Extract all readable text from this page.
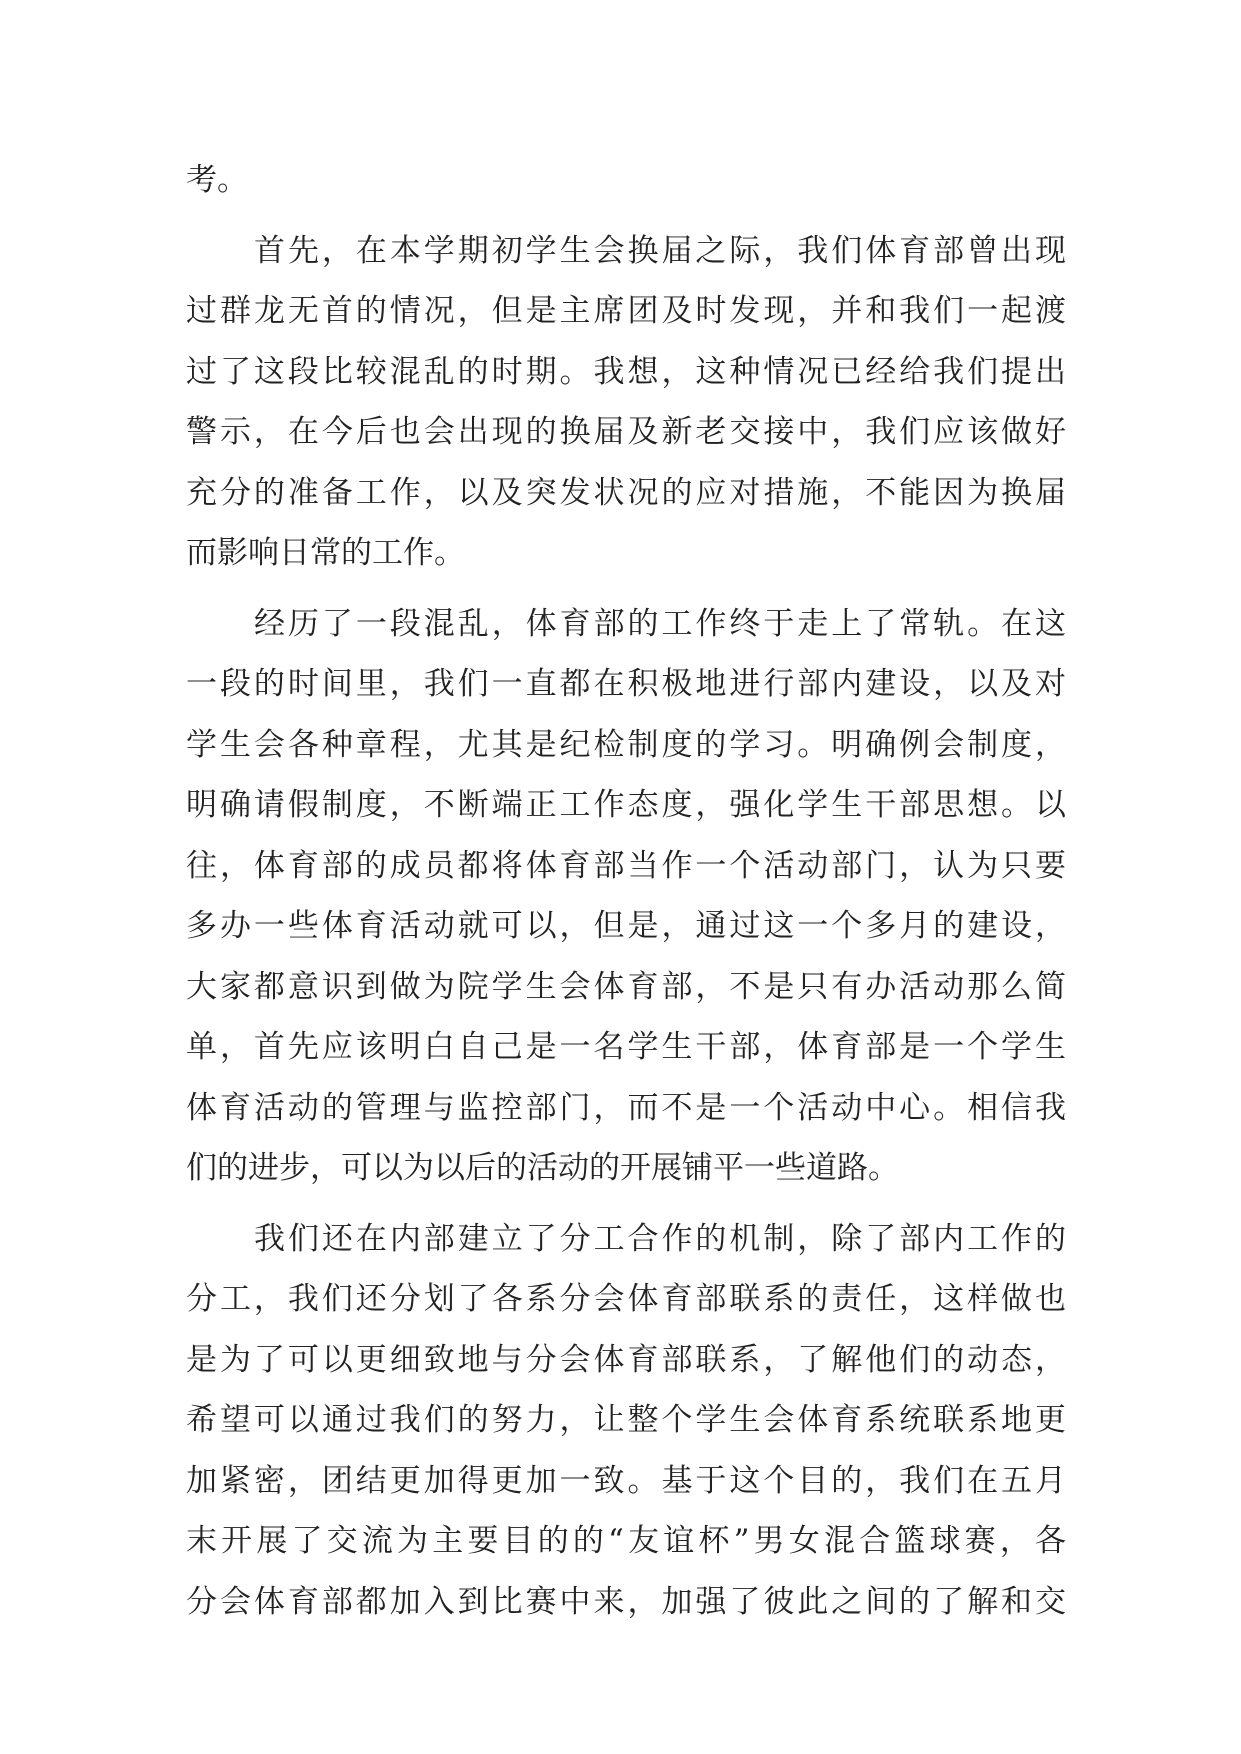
考。
首先，在本学期初学生会换届之际，我们体育部曾出现
过群龙无首的情况，但是主席团及时发现，并和我们一起渡
过了这段比较混乱的时期。我想，这种情况已经给我们提出
警示，在今后也会出现的换届及新老交接中，我们应该做好
充分的准备工作，以及突发状况的应对措施，不能因为换届
而影响日常的工作。
经历了一段混乱，体育部的工作终于走上了常轨。在这
一段的时间里，我们一直都在积极地进行部内建设，以及对
学生会各种章程，尤其是纪检制度的学习。明确例会制度，
明确请假制度，不断端正工作态度，强化学生干部思想。以
往，体育部的成员都将体育部当作一个活动部门，认为只要
多办一些体育活动就可以，但是，通过这一个多月的建设，
大家都意识到做为院学生会体育部，不是只有办活动那么简
单，首先应该明白自己是一名学生干部，体育部是一个学生
体育活动的管理与监控部门，而不是一个活动中心。相信我
们的进步，可以为以后的活动的开展铺平一些道路。
我们还在内部建立了分工合作的机制，除了部内工作的
分工，我们还分划了各系分会体育部联系的责任，这样做也
是为了可以更细致地与分会体育部联系，了解他们的动态，
希望可以通过我们的努力，让整个学生会体育系统联系地更
加紧密，团结更加得更加一致。基于这个目的，我们在五月
末开展了交流为主要目的的“友谊杯”男女混合篮球赛，各
分会体育部都加入到比赛中来，加强了彼此之间的了解和交
